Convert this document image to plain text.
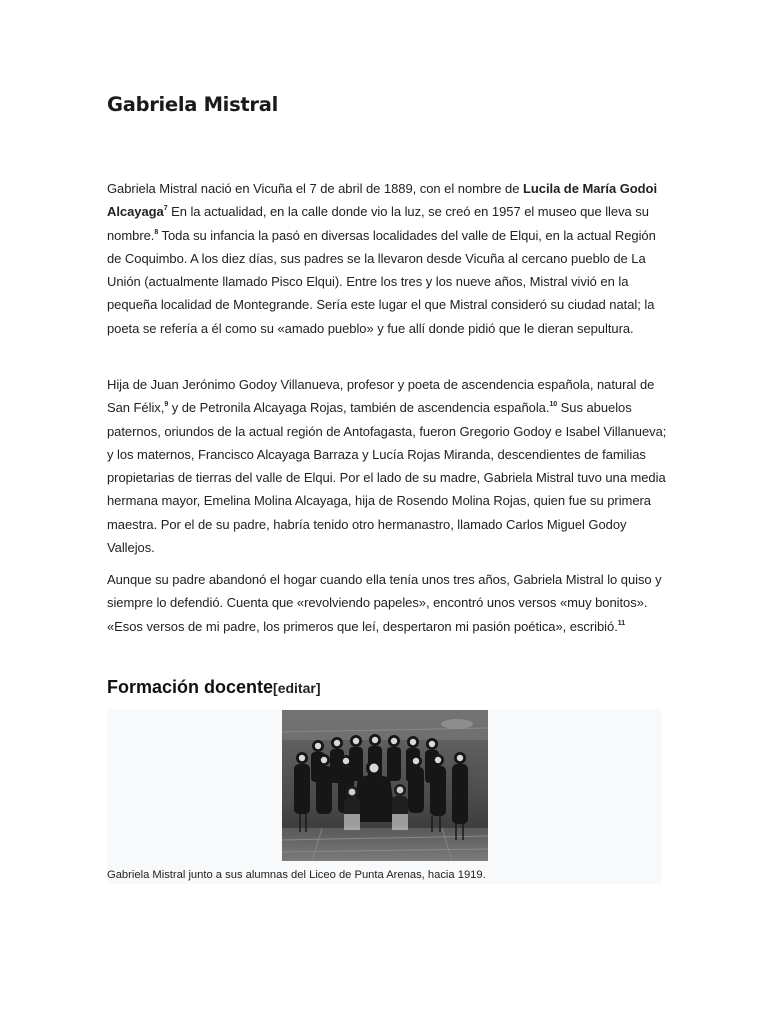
Gabriela Mistral

Gabriela Mistral nació en Vicuña el 7 de abril de 1889, con el nombre de Lucila de María Godoi Alcayaga$^7$ En la actualidad, en la calle donde vio la luz, se creó en 1957 el museo que lleva su nombre.$^8$ Toda su infancia la pasó en diversas localidades del valle de Elqui, en la actual Región de Coquimbo. A los diez días, sus padres se la llevaron desde Vicuña al cercano pueblo de La Unión (actualmente llamado Pisco Elqui). Entre los tres y los nueve años, Mistral vivió en la pequeña localidad de Montegrande. Sería este lugar el que Mistral consideró su ciudad natal; la poeta se refería a él como su «amado pueblo» y fue allí donde pidió que le dieran sepultura.

Hija de Juan Jerónimo Godoy Villanueva, profesor y poeta de ascendencia española, natural de San Félix,$^9$ y de Petronila Alcayaga Rojas, también de ascendencia española.$^{10}$ Sus abuelos paternos, oriundos de la actual región de Antofagasta, fueron Gregorio Godoy e Isabel Villanueva; y los maternos, Francisco Alcayaga Barraza y Lucía Rojas Miranda, descendientes de familias propietarias de tierras del valle de Elqui. Por el lado de su madre, Gabriela Mistral tuvo una media hermana mayor, Emelina Molina Alcayaga, hija de Rosendo Molina Rojas, quien fue su primera maestra. Por el de su padre, habría tenido otro hermanastro, llamado Carlos Miguel Godoy Vallejos.

Aunque su padre abandonó el hogar cuando ella tenía unos tres años, Gabriela Mistral lo quiso y siempre lo defendió. Cuenta que «revolviendo papeles», encontró unos versos «muy bonitos». «Esos versos de mi padre, los primeros que leí, despertaron mi pasión poética», escribió.$^{11}$

Formación docente[editar]

Gabriela Mistral junto a sus alumnas del Liceo de Punta Arenas, hacia 1919.
